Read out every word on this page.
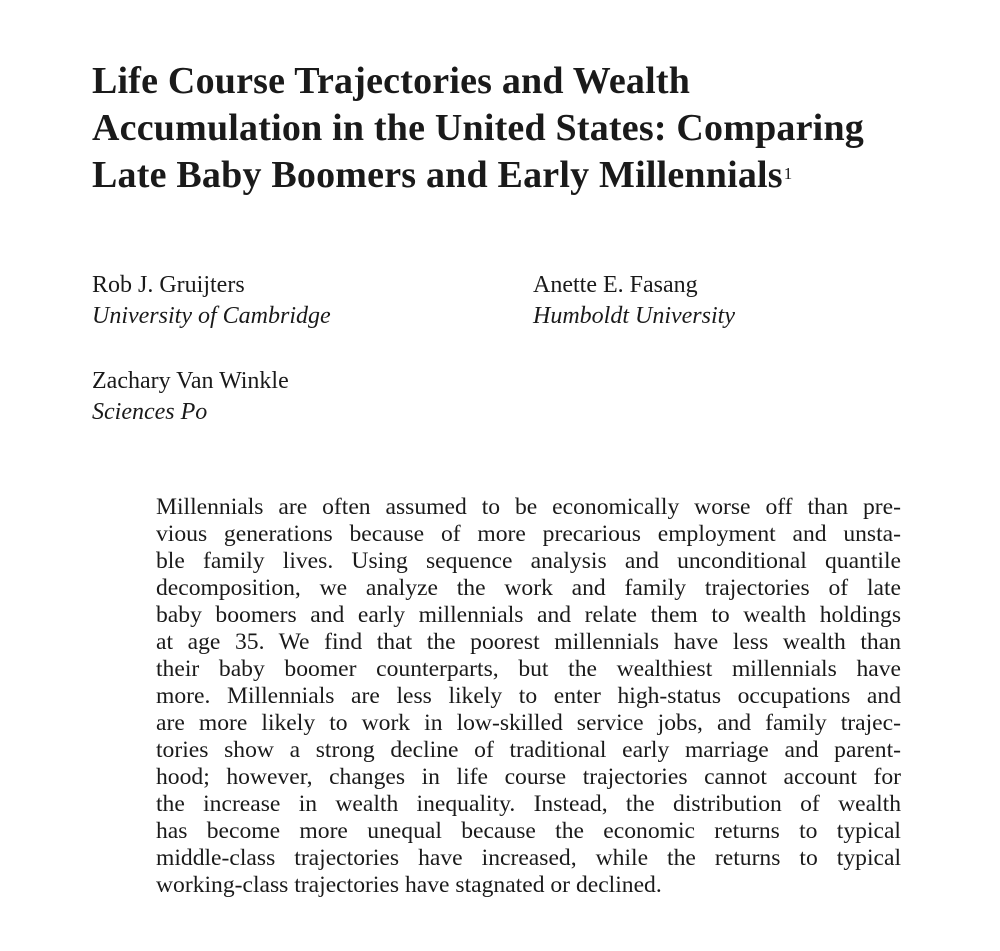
Life Course Trajectories and Wealth
Accumulation in the United States: Comparing
Late Baby Boomers and Early Millennials$^1$
Rob J. Gruijters
University of Cambridge
Anette E. Fasang
Humboldt University
Zachary Van Winkle
Sciences Po
Millennials are often assumed to be economically worse off than pre-
vious generations because of more precarious employment and unsta-
ble family lives. Using sequence analysis and unconditional quantile
decomposition, we analyze the work and family trajectories of late
baby boomers and early millennials and relate them to wealth holdings
at age 35. We find that the poorest millennials have less wealth than
their baby boomer counterparts, but the wealthiest millennials have
more. Millennials are less likely to enter high-status occupations and
are more likely to work in low-skilled service jobs, and family trajec-
tories show a strong decline of traditional early marriage and parent-
hood; however, changes in life course trajectories cannot account for
the increase in wealth inequality. Instead, the distribution of wealth
has become more unequal because the economic returns to typical
middle-class trajectories have increased, while the returns to typical
working-class trajectories have stagnated or declined.
